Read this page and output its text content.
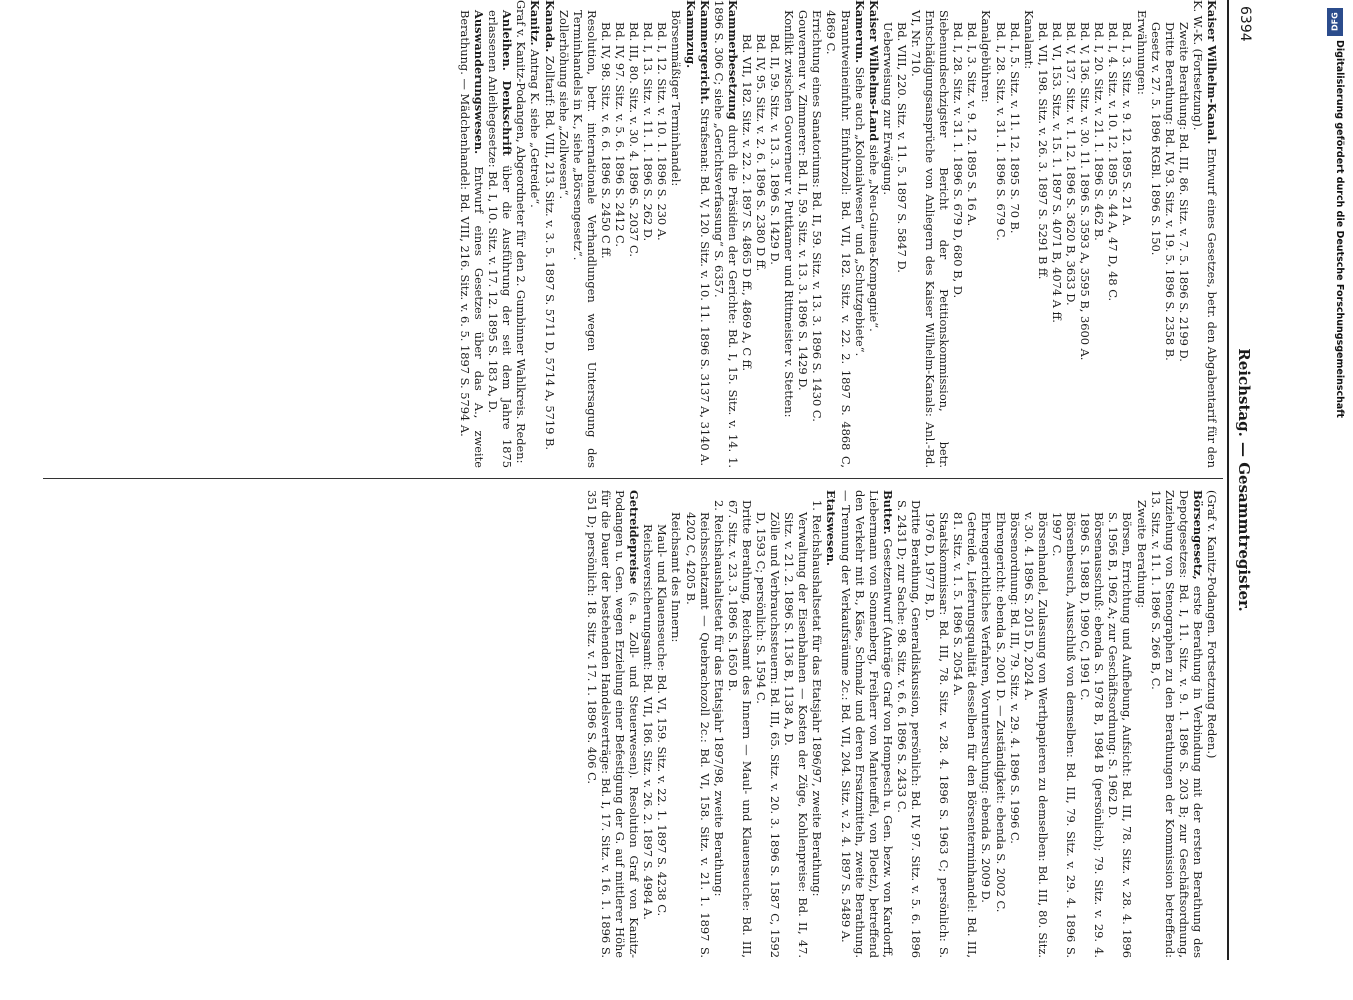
6394
Reichstag. — Gesammtregister.

Kaiser Wilhelm-Kanal. Entwurf eines Gesetzes, betr. den Abgabentarif für den K. W.-K. (Fortsetzung).

Zweite Berathung: Bd. III, 86. Sitz. v. 7. 5. 1896 S. 2199 D.

Dritte Berathung: Bd. IV, 93. Sitz. v. 19. 5. 1896 S. 2358 B.

Gesetz v. 27. 5. 1896 RGBl. 1896 S. 150.

Erwähnungen:

Bd. I, 3. Sitz. v. 9. 12. 1895 S. 21 A.

Bd. I, 4. Sitz. v. 10. 12. 1895 S. 44 A, 47 D, 48 C.

Bd. I, 20. Sitz. v. 21. 1. 1896 S. 462 B.

Bd. V, 136. Sitz. v. 30. 11. 1896 S. 3593 A, 3595 B, 3600 A.

Bd. V, 137. Sitz. v. 1. 12. 1896 S. 3620 B, 3633 D.

Bd. VI, 153. Sitz. v. 15. 1. 1897 S. 4071 B, 4074 A ff.

Bd. VII, 198. Sitz. v. 26. 3. 1897 S. 5291 B ff.

Kanalamt:

Bd. I, 5. Sitz. v. 11. 12. 1895 S. 70 B.

Bd. I, 28. Sitz. v. 31. 1. 1896 S. 679 C.

Kanalgebühren:

Bd. I, 3. Sitz. v. 9. 12. 1895 S. 16 A.

Bd. I, 28. Sitz. v. 31. 1. 1896 S. 679 D, 680 B, D.

Siebenundsechzigster Bericht der Petitionskommission, betr. Entschädigungsansprüche von Anliegern des Kaiser Wilhelm-Kanals: Anl.-Bd. VI, Nr. 710.

Bd. VIII, 220. Sitz. v. 11. 5. 1897 S. 5847 D.

Ueberweisung zur Erwägung.

Kaiser Wilhelms-Land siehe „Neu-Guinea-Kompagnie“.

Kamerun. Siehe auch „Kolonialwesen“ und „Schutzgebiete“.

Branntweineinfuhr. Einfuhrzoll: Bd. VII, 182. Sitz. v. 22. 2. 1897 S. 4868 C, 4869 C.

Errichtung eines Sanatoriums: Bd. II, 59. Sitz. v. 13. 3. 1896 S. 1430 C.

Gouverneur v. Zimmerer: Bd. II, 59. Sitz. v. 13. 3. 1896 S. 1429 D.

Konflikt zwischen Gouverneur v. Puttkamer und Rittmeister v. Stetten:

Bd. II, 59. Sitz. v. 13. 3. 1896 S. 1429 D.

Bd. IV, 95. Sitz. v. 2. 6. 1896 S. 2380 D ff.

Bd. VII, 182. Sitz. v. 22. 2. 1897 S. 4865 D ff., 4869 A, C ff.

Kammerbesetzung durch die Präsidien der Gerichte: Bd. I, 15. Sitz. v. 14. 1. 1896 S. 306 C; siehe „Gerichtsverfassung“ S. 6357.

Kammergericht. Strafsenat: Bd. V, 120. Sitz. v. 10. 11. 1896 S. 3137 A, 3140 A.

Kammzug.

Börsenmäßiger Terminhandel:

Bd. I, 12. Sitz. v. 10. 1. 1896 S. 230 A.

Bd. I, 13. Sitz. v. 11. 1. 1896 S. 262 D.

Bd. III, 80. Sitz. v. 30. 4. 1896 S. 2037 C.

Bd. IV, 97. Sitz. v. 5. 6. 1896 S. 2412 C.

Bd. IV, 98. Sitz. v. 6. 6. 1896 S. 2450 C ff.

Resolution, betr. internationale Verhandlungen wegen Untersagung des Terminhandels in K., siehe „Börsengesetz“.

Zollerhöhung siehe „Zollwesen“.

Kanada. Zolltarif: Bd. VIII, 213. Sitz. v. 3. 5. 1897 S. 5711 D, 5714 A, 5719 B.

Kanitz. Antrag K. siehe „Getreide“.

Graf v. Kanitz-Podangen, Abgeordneter für den 2. Gumbinner Wahlkreis. Reden:

Anleihen. Denkschrift über die Ausführung der seit dem Jahre 1875 erlassenen Anleihegesetze: Bd. I, 10. Sitz. v. 17. 12. 1895 S. 183 A, D.

Auswanderungswesen. Entwurf eines Gesetzes über das A., zweite Berathung. — Mädchenhandel: Bd. VIII, 216. Sitz. v. 6. 5. 1897 S. 5794 A.

(Graf v. Kanitz-Podangen. Fortsetzung Reden.)

Börsengesetz, erste Berathung in Verbindung mit der ersten Berathung des Depotgesetzes: Bd. I, 11. Sitz. v. 9. 1. 1896 S. 203 B; zur Geschäftsordnung, Zuziehung von Stenographen zu den Berathungen der Kommission betreffend: 13. Sitz. v. 11. 1. 1896 S. 266 B, C.

Zweite Berathung:

Börsen, Errichtung und Aufhebung, Aufsicht: Bd. III, 78. Sitz. v. 28. 4. 1896 S. 1956 B, 1962 A; zur Geschäftsordnung: S. 1962 D.

Börsenausschuß: ebenda S. 1978 B, 1984 B (persönlich); 79. Sitz. v. 29. 4. 1896 S. 1988 D, 1990 C, 1991 C.

Börsenbesuch, Ausschluß von demselben: Bd. III, 79. Sitz. v. 29. 4. 1896 S. 1997 C.

Börsenhandel, Zulassung von Werthpapieren zu demselben: Bd. III, 80. Sitz. v. 30. 4. 1896 S. 2015 D, 2024 A.

Börsenordnung: Bd. III, 79. Sitz. v. 29. 4. 1896 S. 1996 C.

Ehrengericht: ebenda S. 2001 D. — Zuständigkeit: ebenda S. 2002 C.

Ehrengerichtliches Verfahren, Voruntersuchung: ebenda S. 2009 D.

Getreide, Lieferungsqualität desselben für den Börsenterminhandel: Bd. III, 81. Sitz. v. 1. 5. 1896 S. 2054 A.

Staatskommissar: Bd. III, 78. Sitz. v. 28. 4. 1896 S. 1963 C; persönlich: S. 1976 D, 1977 B, D.

Dritte Berathung, Generaldiskussion, persönlich: Bd. IV, 97. Sitz. v. 5. 6. 1896 S. 2431 D; zur Sache: 98. Sitz. v. 6. 6. 1896 S. 2433 C.

Butter. Gesetzentwurf (Anträge Graf von Hompesch u. Gen. bezw. von Kardorff, Liebermann von Sonnenberg, Freiherr von Manteuffel, von Ploetz), betreffend den Verkehr mit B., Käse, Schmalz und deren Ersatzmitteln, zweite Berathung. — Trennung der Verkaufsräume 2c.: Bd. VII, 204. Sitz. v. 2. 4. 1897 S. 5489 A.

Etatswesen.

1. Reichshaushaltsetat für das Etatsjahr 1896/97, zweite Berathung:

Verwaltung der Eisenbahnen — Kosten der Züge, Kohlenpreise: Bd. II, 47. Sitz. v. 21. 2. 1896 S. 1136 B, 1138 A, D.

Zölle und Verbrauchssteuern: Bd. III, 65. Sitz. v. 20. 3. 1896 S. 1587 C, 1592 D, 1593 C; persönlich: S. 1594 C.

Dritte Berathung, Reichsamt des Innern — Maul- und Klauenseuche: Bd. III, 67. Sitz. v. 23. 3. 1896 S. 1650 B.

2. Reichshaushaltsetat für das Etatsjahr 1897/98, zweite Berathung:

Reichsschatzamt — Quebrachozoll 2c.: Bd. VI, 158. Sitz. v. 21. 1. 1897 S. 4202 C, 4205 B.

Reichsamt des Innern:

Maul- und Klauenseuche: Bd. VI, 159. Sitz. v. 22. 1. 1897 S. 4238 C.

Reichsversicherungsamt: Bd. VII, 186. Sitz. v. 26. 2. 1897 S. 4984 A.

Getreidepreise (s. a. Zoll- und Steuerwesen). Resolution Graf von Kanitz-Podangen u. Gen. wegen Erzielung einer Befestigung der G. auf mittlerer Höhe für die Dauer der bestehenden Handelsverträge: Bd. I, 17. Sitz. v. 16. 1. 1896 S. 351 D; persönlich: 18. Sitz. v. 17. 1. 1896 S. 406 C.

DFG
Digitalisierung gefördert durch die Deutsche Forschungsgemeinschaft
